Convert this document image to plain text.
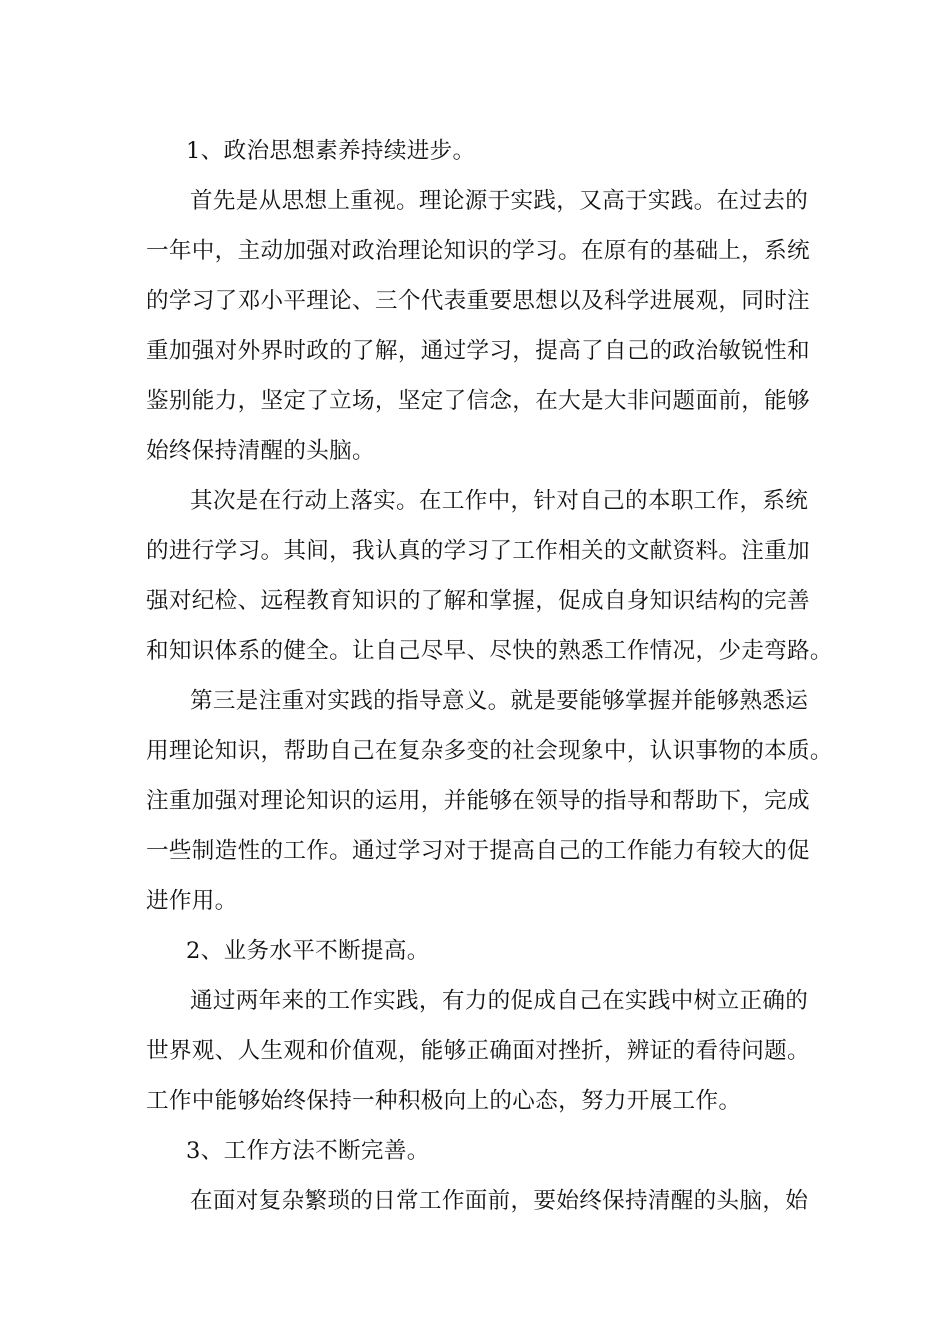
1、政治思想素养持续进步。
首先是从思想上重视。理论源于实践，又高于实践。在过去的
一年中，主动加强对政治理论知识的学习。在原有的基础上，系统
的学习了邓小平理论、三个代表重要思想以及科学进展观，同时注
重加强对外界时政的了解，通过学习，提高了自己的政治敏锐性和
鉴别能力，坚定了立场，坚定了信念，在大是大非问题面前，能够
始终保持清醒的头脑。
其次是在行动上落实。在工作中，针对自己的本职工作，系统
的进行学习。其间，我认真的学习了工作相关的文献资料。注重加
强对纪检、远程教育知识的了解和掌握，促成自身知识结构的完善
和知识体系的健全。让自己尽早、尽快的熟悉工作情况，少走弯路。
第三是注重对实践的指导意义。就是要能够掌握并能够熟悉运
用理论知识，帮助自己在复杂多变的社会现象中，认识事物的本质。
注重加强对理论知识的运用，并能够在领导的指导和帮助下，完成
一些制造性的工作。通过学习对于提高自己的工作能力有较大的促
进作用。
2、业务水平不断提高。
通过两年来的工作实践，有力的促成自己在实践中树立正确的
世界观、人生观和价值观，能够正确面对挫折，辨证的看待问题。
工作中能够始终保持一种积极向上的心态，努力开展工作。
3、工作方法不断完善。
在面对复杂繁琐的日常工作面前，要始终保持清醒的头脑，始
